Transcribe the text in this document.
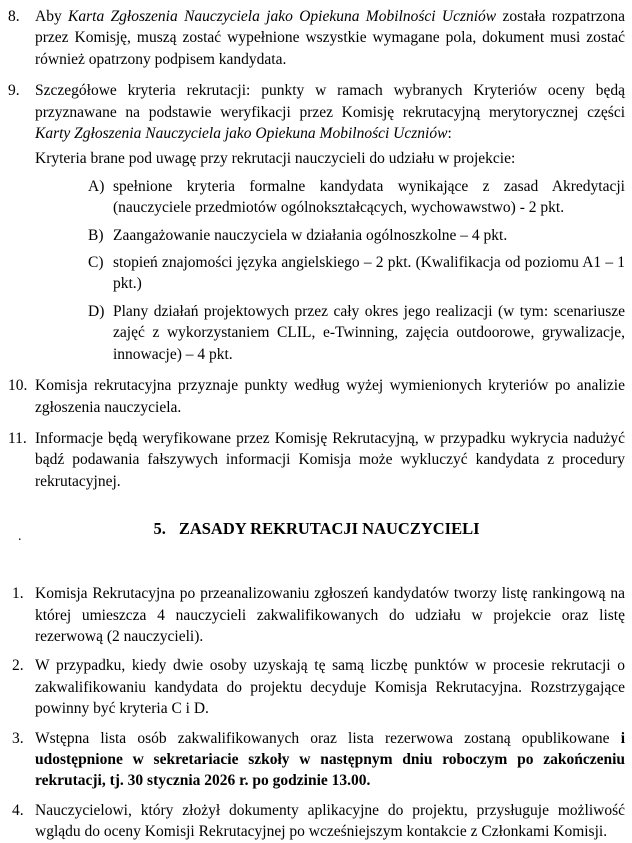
8. Aby Karta Zgłoszenia Nauczyciela jako Opiekuna Mobilności Uczniów została rozpatrzona przez Komisję, muszą zostać wypełnione wszystkie wymagane pola, dokument musi zostać również opatrzony podpisem kandydata.
9. Szczegółowe kryteria rekrutacji: punkty w ramach wybranych Kryteriów oceny będą przyznawane na podstawie weryfikacji przez Komisję rekrutacyjną merytorycznej części Karty Zgłoszenia Nauczyciela jako Opiekuna Mobilności Uczniów:
Kryteria brane pod uwagę przy rekrutacji nauczycieli do udziału w projekcie:
A) spełnione kryteria formalne kandydata wynikające z zasad Akredytacji (nauczyciele przedmiotów ogólnokształcących, wychowawstwo) - 2 pkt.
B) Zaangażowanie nauczyciela w działania ogólnoszkolne – 4 pkt.
C) stopień znajomości języka angielskiego – 2 pkt. (Kwalifikacja od poziomu A1 – 1 pkt.)
D) Plany działań projektowych przez cały okres jego realizacji (w tym: scenariusze zajęć z wykorzystaniem CLIL, e-Twinning, zajęcia outdoorowe, grywalizacje, innowacje) – 4 pkt.
10. Komisja rekrutacyjna przyznaje punkty według wyżej wymienionych kryteriów po analizie zgłoszenia nauczyciela.
11. Informacje będą weryfikowane przez Komisję Rekrutacyjną, w przypadku wykrycia nadużyć bądź podawania fałszywych informacji Komisja może wykluczyć kandydata z procedury rekrutacyjnej.
5. ZASADY REKRUTACJI NAUCZYCIELI
.
1. Komisja Rekrutacyjna po przeanalizowaniu zgłoszeń kandydatów tworzy listę rankingową na której umieszcza 4 nauczycieli zakwalifikowanych do udziału w projekcie oraz listę rezerwową (2 nauczycieli).
2. W przypadku, kiedy dwie osoby uzyskają tę samą liczbę punktów w procesie rekrutacji o zakwalifikowaniu kandydata do projektu decyduje Komisja Rekrutacyjna. Rozstrzygające powinny być kryteria C i D.
3. Wstępna lista osób zakwalifikowanych oraz lista rezerwowa zostaną opublikowane i udostępnione w sekretariacie szkoły w następnym dniu roboczym po zakończeniu rekrutacji, tj. 30 stycznia 2026 r. po godzinie 13.00.
4. Nauczycielowi, który złożył dokumenty aplikacyjne do projektu, przysługuje możliwość wglądu do oceny Komisji Rekrutacyjnej po wcześniejszym kontakcie z Członkami Komisji.
